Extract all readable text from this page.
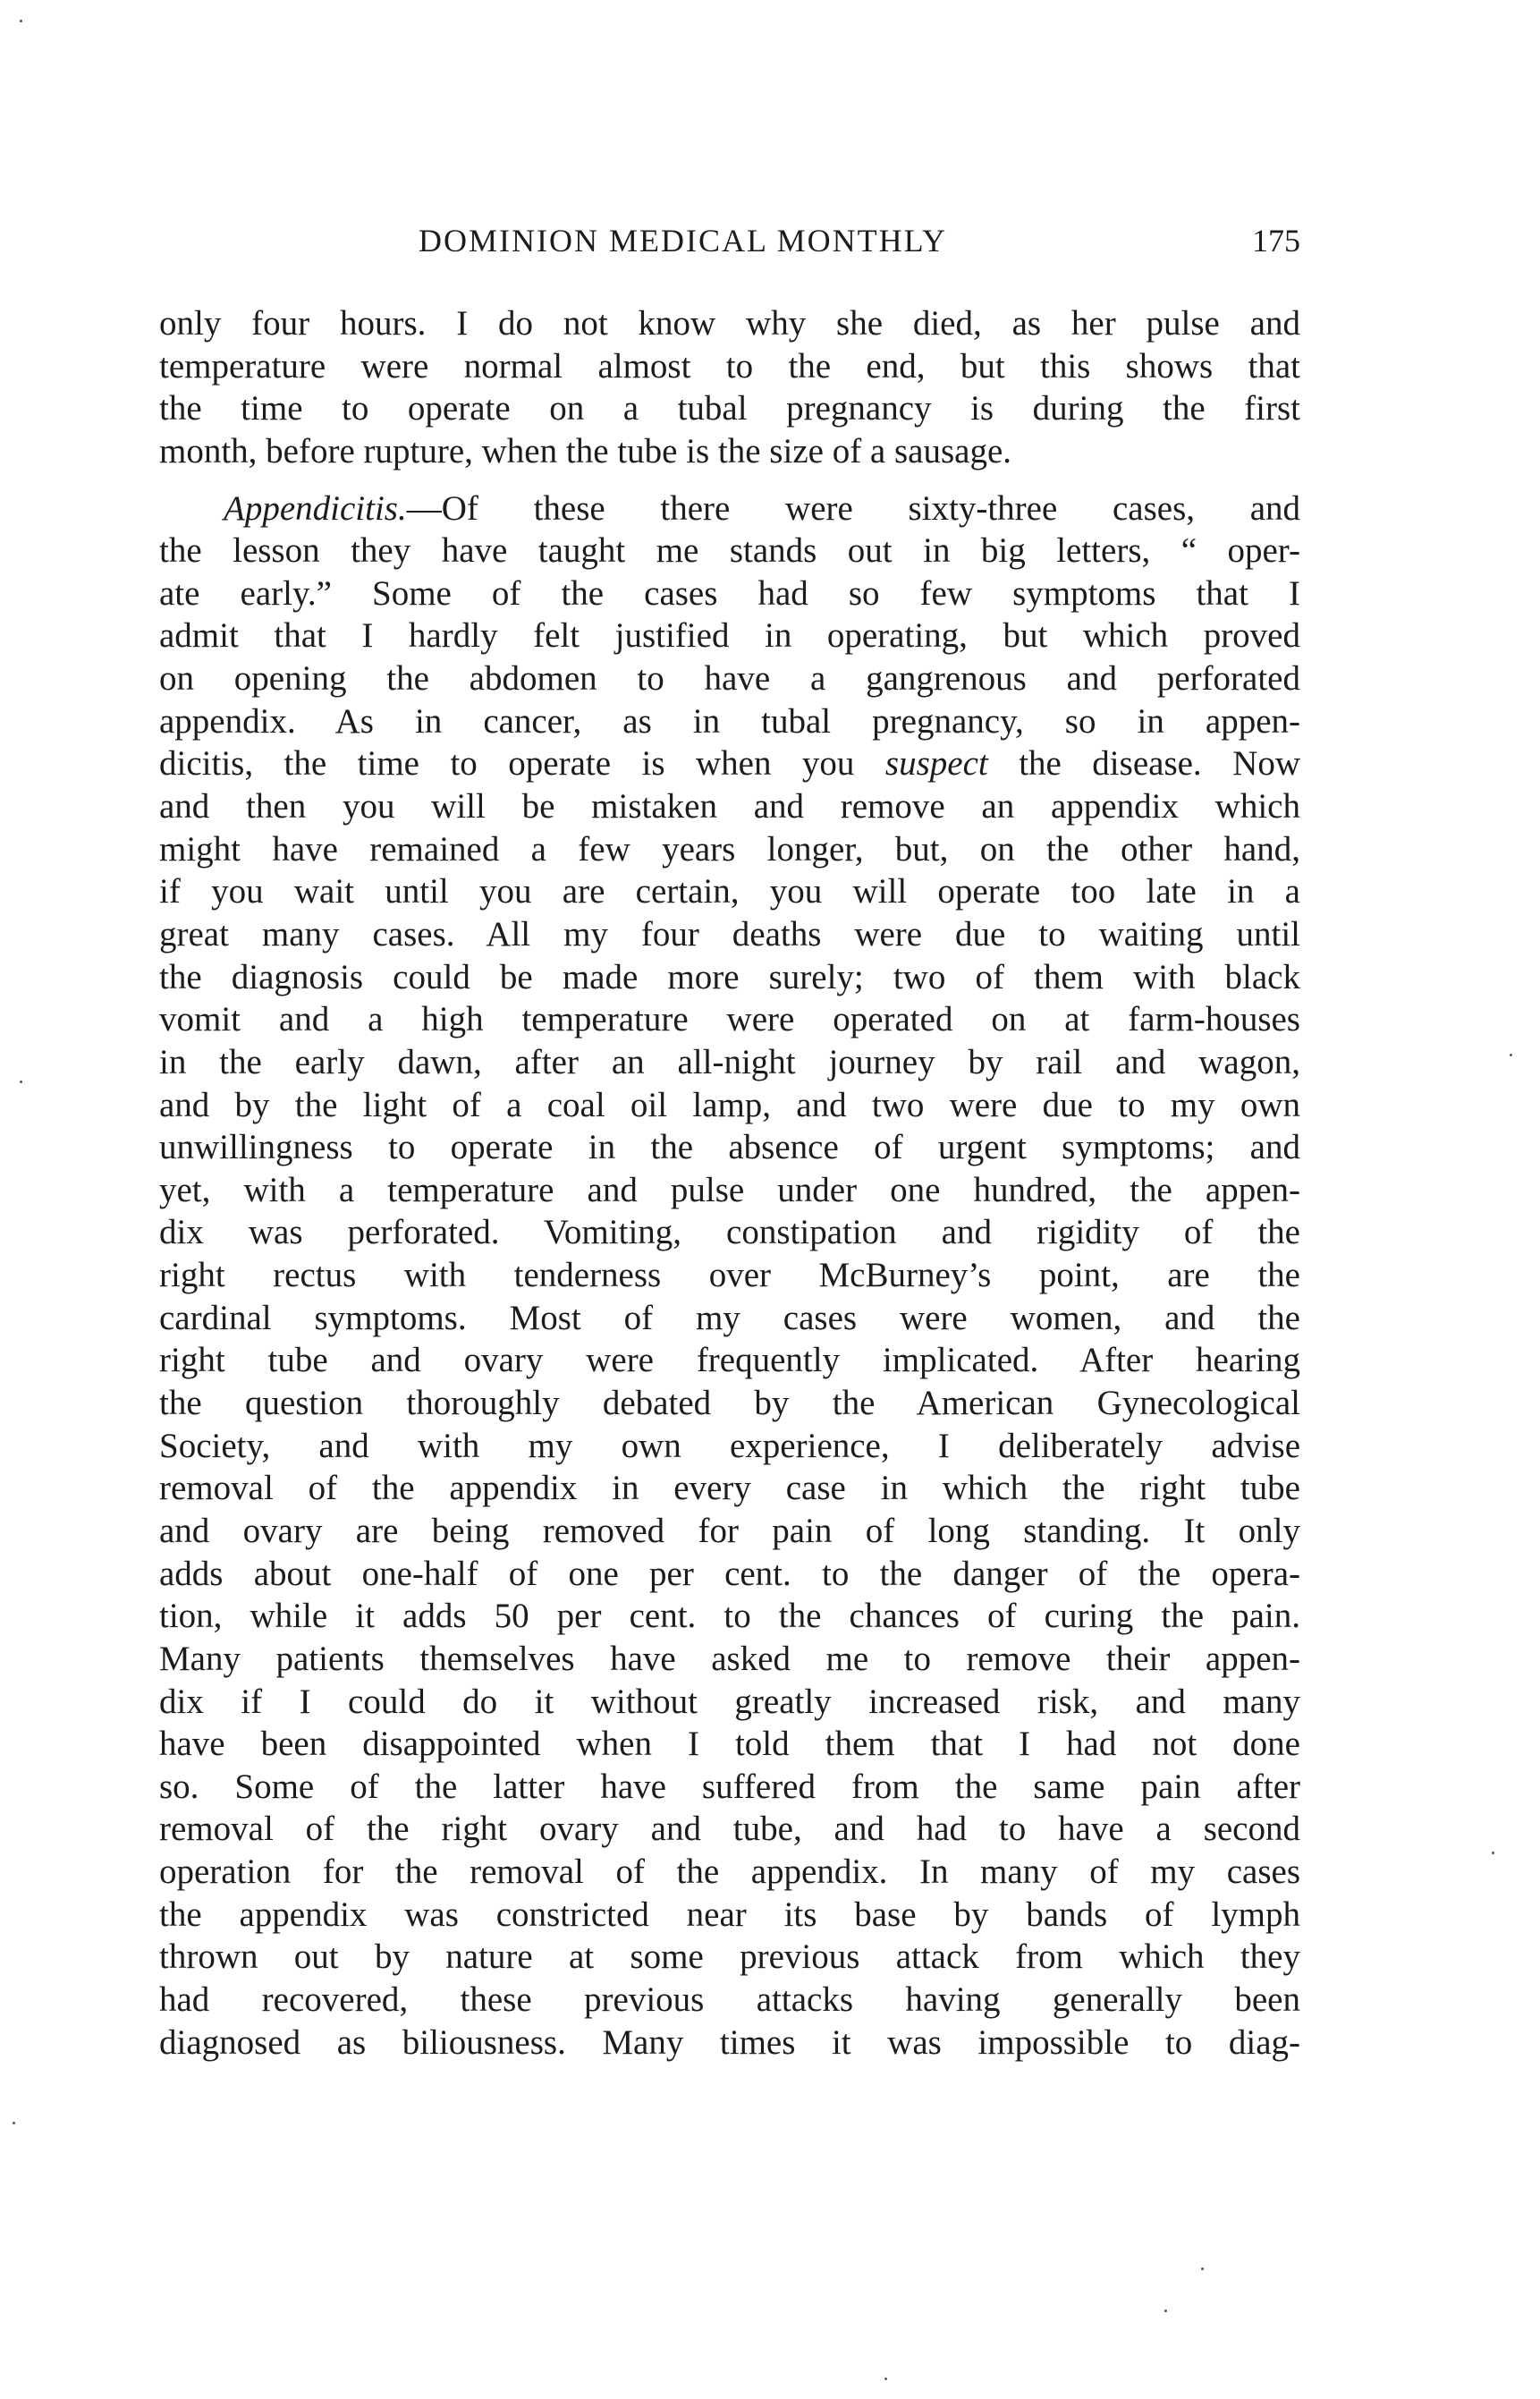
DOMINION MEDICAL MONTHLY	175
only four hours. I do not know why she died, as her pulse and
temperature were normal almost to the end, but this shows that
the time to operate on a tubal pregnancy is during the first
month, before rupture, when the tube is the size of a sausage.
Appendicitis.—Of these there were sixty-three cases, and
the lesson they have taught me stands out in big letters, “ oper-
ate early.” Some of the cases had so few symptoms that I
admit that I hardly felt justified in operating, but which proved
on opening the abdomen to have a gangrenous and perforated
appendix. As in cancer, as in tubal pregnancy, so in appen-
dicitis, the time to operate is when you suspect the disease. Now
and then you will be mistaken and remove an appendix which
might have remained a few years longer, but, on the other hand,
if you wait until you are certain, you will operate too late in a
great many cases. All my four deaths were due to waiting until
the diagnosis could be made more surely; two of them with black
vomit and a high temperature were operated on at farm-houses
in the early dawn, after an all-night journey by rail and wagon,
and by the light of a coal oil lamp, and two were due to my own
unwillingness to operate in the absence of urgent symptoms; and
yet, with a temperature and pulse under one hundred, the appen-
dix was perforated. Vomiting, constipation and rigidity of the
right rectus with tenderness over McBurney’s point, are the
cardinal symptoms. Most of my cases were women, and the
right tube and ovary were frequently implicated. After hearing
the question thoroughly debated by the American Gynecological
Society, and with my own experience, I deliberately advise
removal of the appendix in every case in which the right tube
and ovary are being removed for pain of long standing. It only
adds about one-half of one per cent. to the danger of the opera-
tion, while it adds 50 per cent. to the chances of curing the pain.
Many patients themselves have asked me to remove their appen-
dix if I could do it without greatly increased risk, and many
have been disappointed when I told them that I had not done
so. Some of the latter have suffered from the same pain after
removal of the right ovary and tube, and had to have a second
operation for the removal of the appendix. In many of my cases
the appendix was constricted near its base by bands of lymph
thrown out by nature at some previous attack from which they
had recovered, these previous attacks having generally been
diagnosed as biliousness. Many times it was impossible to diag-
